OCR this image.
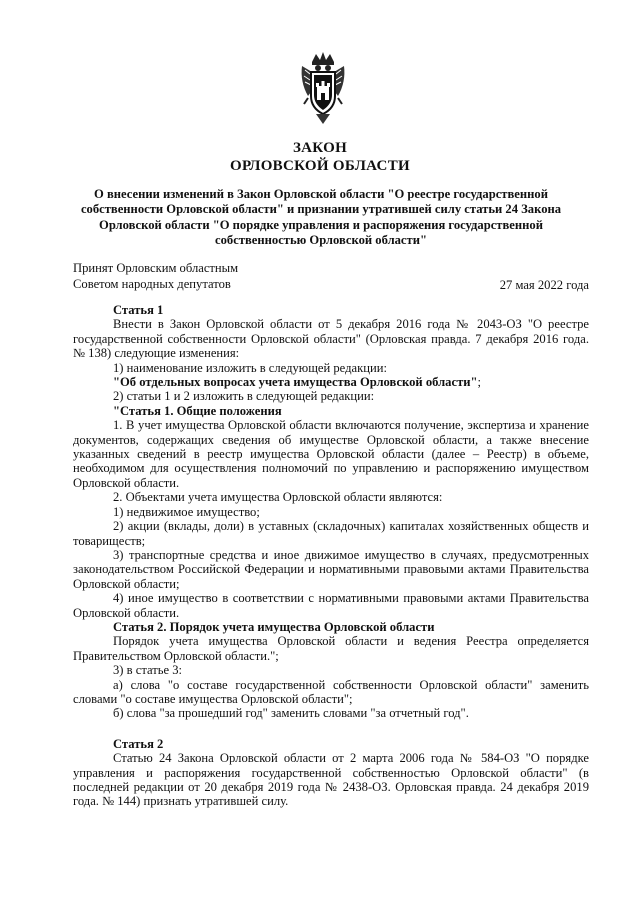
ЗАКОН
ОРЛОВСКОЙ ОБЛАСТИ
О внесении изменений в Закон Орловской области "О реестре государственной собственности Орловской области" и признании утратившей силу статьи 24 Закона Орловской области "О порядке управления и распоряжения государственной собственностью Орловской области"
Принят Орловским областным
Советом народных депутатов	27 мая 2022 года

Статья 1

Внести в Закон Орловской области от 5 декабря 2016 года № 2043-ОЗ "О реестре государственной собственности Орловской области" (Орловская правда. 7 декабря 2016 года. № 138) следующие изменения:

1) наименование изложить в следующей редакции:

"Об отдельных вопросах учета имущества Орловской области";

2) статьи 1 и 2 изложить в следующей редакции:

"Статья 1. Общие положения

1. В учет имущества Орловской области включаются получение, экспертиза и хранение документов, содержащих сведения об имуществе Орловской области, а также внесение указанных сведений в реестр имущества Орловской области (далее – Реестр) в объеме, необходимом для осуществления полномочий по управлению и распоряжению имуществом Орловской области.

2. Объектами учета имущества Орловской области являются:

1) недвижимое имущество;

2) акции (вклады, доли) в уставных (складочных) капиталах хозяйственных обществ и товариществ;

3) транспортные средства и иное движимое имущество в случаях, предусмотренных законодательством Российской Федерации и нормативными правовыми актами Правительства Орловской области;

4) иное имущество в соответствии с нормативными правовыми актами Правительства Орловской области.

Статья 2. Порядок учета имущества Орловской области

Порядок учета имущества Орловской области и ведения Реестра определяется Правительством Орловской области.";

3) в статье 3:

а) слова "о составе государственной собственности Орловской области" заменить словами "о составе имущества Орловской области";

б) слова "за прошедший год" заменить словами "за отчетный год".

Статья 2

Статью 24 Закона Орловской области от 2 марта 2006 года № 584-ОЗ "О порядке управления и распоряжения государственной собственностью Орловской области" (в последней редакции от 20 декабря 2019 года № 2438-ОЗ. Орловская правда. 24 декабря 2019 года. № 144) признать утратившей силу.
